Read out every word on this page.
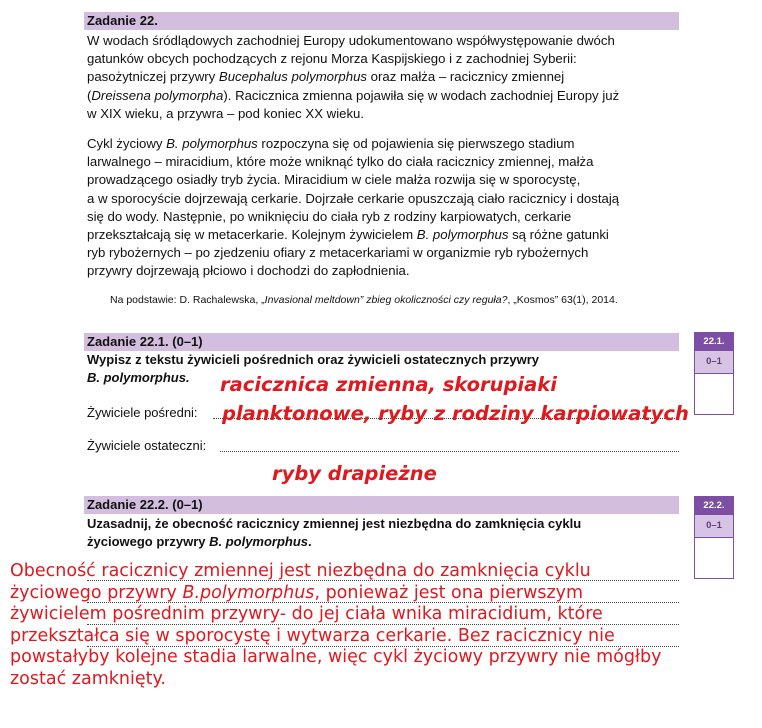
Zadanie 22.

W wodach śródlądowych zachodniej Europy udokumentowano współwystępowanie dwóch

gatunków obcych pochodzących z rejonu Morza Kaspijskiego i z zachodniej Syberii:

pasożytniczej przywry Bucephalus polymorphus oraz małża – racicznicy zmiennej

(Dreissena polymorpha). Racicznica zmienna pojawiła się w wodach zachodniej Europy już

w XIX wieku, a przywra – pod koniec XX wieku.

Cykl życiowy B. polymorphus rozpoczyna się od pojawienia się pierwszego stadium

larwalnego – miracidium, które może wniknąć tylko do ciała racicznicy zmiennej, małża

prowadzącego osiadły tryb życia. Miracidium w ciele małża rozwija się w sporocystę,

a w sporocyście dojrzewają cerkarie. Dojrzałe cerkarie opuszczają ciało racicznicy i dostają

się do wody. Następnie, po wniknięciu do ciała ryb z rodziny karpiowatych, cerkarie

przekształcają się w metacerkarie. Kolejnym żywicielem B. polymorphus są różne gatunki

ryb rybożernych – po zjedzeniu ofiary z metacerkariami w organizmie ryb rybożernych

przywry dojrzewają płciowo i dochodzi do zapłodnienia.

Na podstawie: D. Rachalewska, „Invasional meltdown” zbieg okoliczności czy reguła?, „Kosmos” 63(1), 2014.
Zadanie 22.1. (0–1)
Wypisz z tekstu żywicieli pośrednich oraz żywicieli ostatecznych przywry
B. polymorphus.
Żywiciele pośredni:
Żywiciele ostateczni:
22.1.
0–1
racicznica zmienna, skorupiaki
planktonowe, ryby z rodziny karpiowatych
ryby drapieżne
Zadanie 22.2. (0–1)
Uzasadnij, że obecność racicznicy zmiennej jest niezbędna do zamknięcia cyklu
życiowego przywry B. polymorphus.
22.2.
0–1
Obecność racicznicy zmiennej jest niezbędna do zamknięcia cyklu
życiowego przywry B.polymorphus, ponieważ jest ona pierwszym
żywicielem pośrednim przywry- do jej ciała wnika miracidium, które
przekształca się w sporocystę i wytwarza cerkarie. Bez racicznicy nie
powstałyby kolejne stadia larwalne, więc cykl życiowy przywry nie mógłby
zostać zamknięty.
